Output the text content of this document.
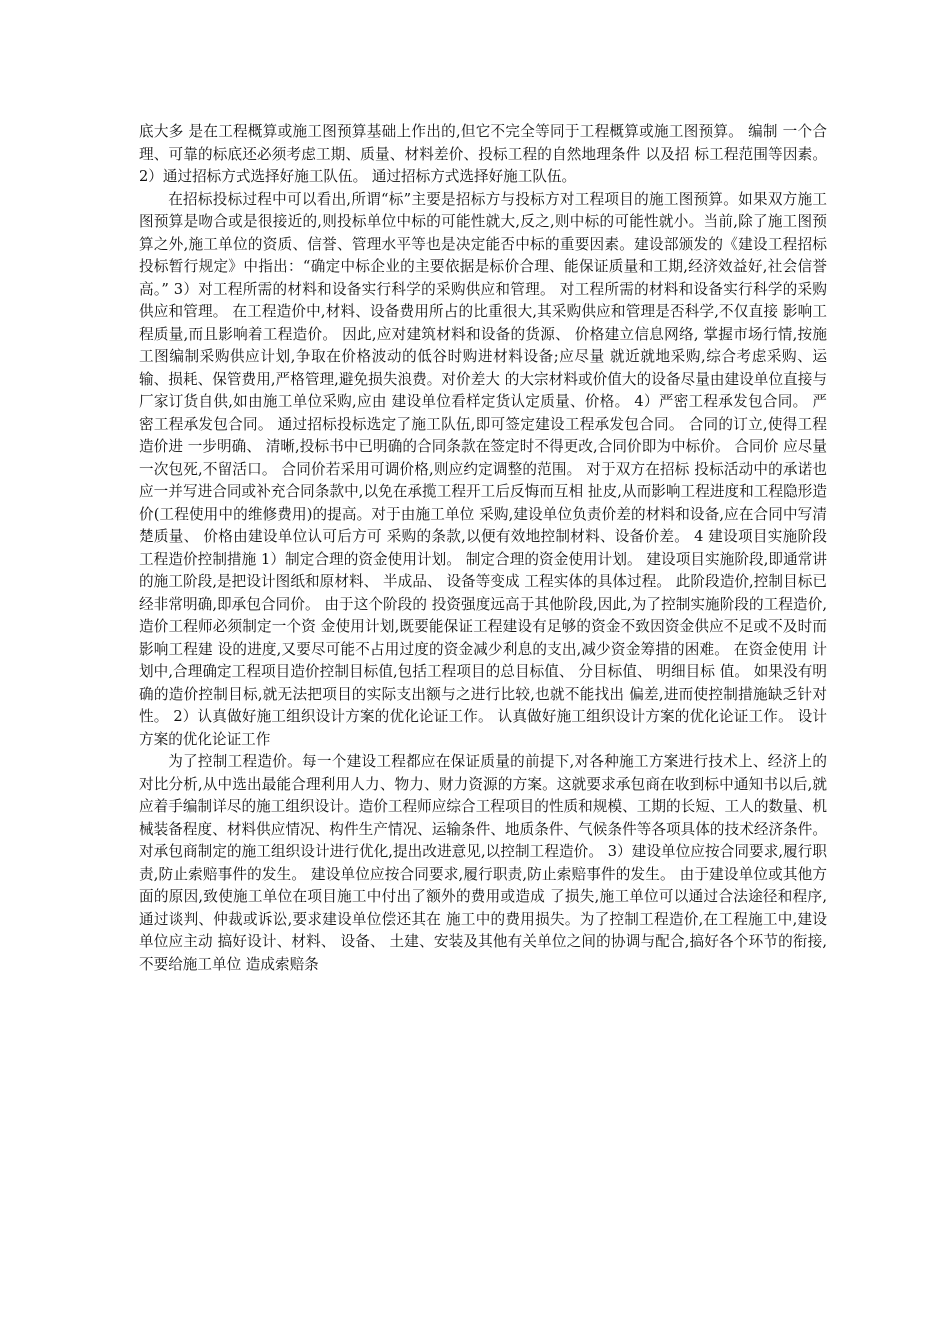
底大多 是在工程概算或施工图预算基础上作出的,但它不完全等同于工程概算或施工图预算。 编制 一个合理、可靠的标底还必须考虑工期、质量、材料差价、投标工程的自然地理条件 以及招 标工程范围等因素。 2）通过招标方式选择好施工队伍。 通过招标方式选择好施工队伍。

在招标投标过程中可以看出,所谓“标”主要是招标方与投标方对工程项目的施工图预算。如果双方施工图预算是吻合或是很接近的,则投标单位中标的可能性就大,反之,则中标的可能性就小。当前,除了施工图预算之外,施工单位的资质、信誉、管理水平等也是决定能否中标的重要因素。建设部颁发的《建设工程招标投标暂行规定》中指出：“确定中标企业的主要依据是标价合理、能保证质量和工期,经济效益好,社会信誉高。” 3）对工程所需的材料和设备实行科学的采购供应和管理。 对工程所需的材料和设备实行科学的采购供应和管理。 在工程造价中,材料、设备费用所占的比重很大,其采购供应和管理是否科学,不仅直接 影响工程质量,而且影响着工程造价。 因此,应对建筑材料和设备的货源、 价格建立信息网络, 掌握市场行情,按施工图编制采购供应计划,争取在价格波动的低谷时购进材料设备;应尽量 就近就地采购,综合考虑采购、运输、损耗、保管费用,严格管理,避免损失浪费。对价差大 的大宗材料或价值大的设备尽量由建设单位直接与厂家订货自供,如由施工单位采购,应由 建设单位看样定货认定质量、价格。 4）严密工程承发包合同。 严密工程承发包合同。 通过招标投标选定了施工队伍,即可签定建设工程承发包合同。 合同的订立,使得工程造价进 一步明确、 清晰,投标书中已明确的合同条款在签定时不得更改,合同价即为中标价。 合同价 应尽量一次包死,不留活口。 合同价若采用可调价格,则应约定调整的范围。 对于双方在招标 投标活动中的承诺也应一并写进合同或补充合同条款中,以免在承揽工程开工后反悔而互相 扯皮,从而影响工程进度和工程隐形造价(工程使用中的维修费用)的提高。对于由施工单位 采购,建设单位负责价差的材料和设备,应在合同中写清楚质量、 价格由建设单位认可后方可 采购的条款,以便有效地控制材料、设备价差。 4 建设项目实施阶段工程造价控制措施 1）制定合理的资金使用计划。 制定合理的资金使用计划。 建设项目实施阶段,即通常讲的施工阶段,是把设计图纸和原材料、 半成品、 设备等变成 工程实体的具体过程。 此阶段造价,控制目标已经非常明确,即承包合同价。 由于这个阶段的 投资强度远高于其他阶段,因此,为了控制实施阶段的工程造价,造价工程师必须制定一个资 金使用计划,既要能保证工程建设有足够的资金不致因资金供应不足或不及时而影响工程建 设的进度,又要尽可能不占用过度的资金减少利息的支出,减少资金筹措的困难。 在资金使用 计划中,合理确定工程项目造价控制目标值,包括工程项目的总目标值、 分目标值、 明细目标 值。 如果没有明确的造价控制目标,就无法把项目的实际支出额与之进行比较,也就不能找出 偏差,进而使控制措施缺乏针对性。 2）认真做好施工组织设计方案的优化论证工作。 认真做好施工组织设计方案的优化论证工作。 设计方案的优化论证工作

为了控制工程造价。每一个建设工程都应在保证质量的前提下,对各种施工方案进行技术上、经济上的对比分析,从中选出最能合理利用人力、物力、财力资源的方案。这就要求承包商在收到标中通知书以后,就应着手编制详尽的施工组织设计。造价工程师应综合工程项目的性质和规模、工期的长短、工人的数量、机械装备程度、材料供应情况、构件生产情况、运输条件、地质条件、气候条件等各项具体的技术经济条件。对承包商制定的施工组织设计进行优化,提出改进意见,以控制工程造价。 3）建设单位应按合同要求,履行职责,防止索赔事件的发生。 建设单位应按合同要求,履行职责,防止索赔事件的发生。 由于建设单位或其他方面的原因,致使施工单位在项目施工中付出了额外的费用或造成 了损失,施工单位可以通过合法途径和程序,通过谈判、仲裁或诉讼,要求建设单位偿还其在 施工中的费用损失。为了控制工程造价,在工程施工中,建设单位应主动 搞好设计、材料、 设备、 土建、安装及其他有关单位之间的协调与配合,搞好各个环节的衔接,不要给施工单位 造成索赔条
